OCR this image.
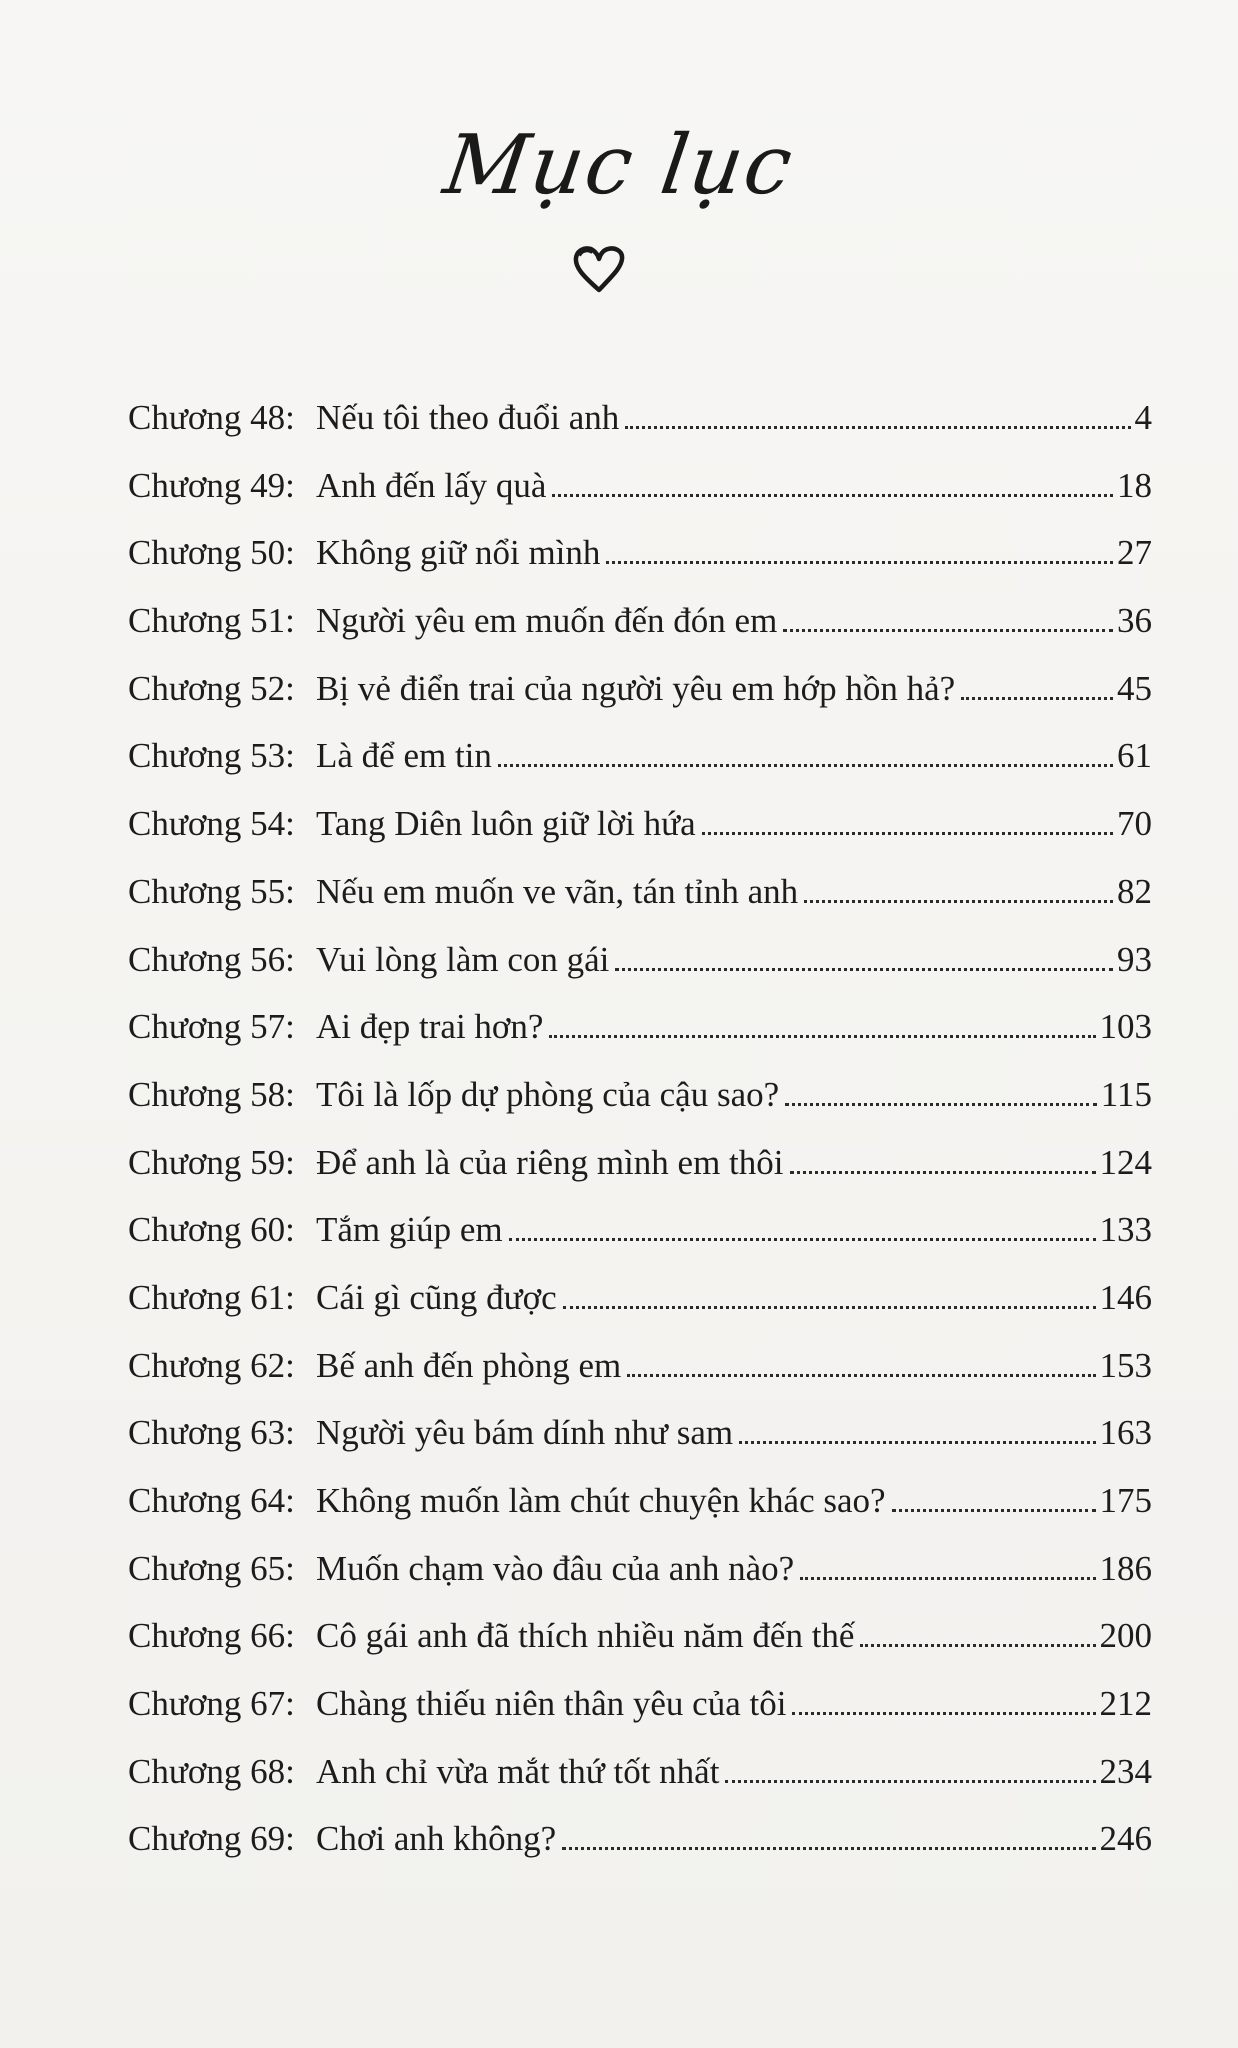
Mục lục
Chương 48: Nếu tôi theo đuổi anh	4
Chương 49: Anh đến lấy quà	18
Chương 50: Không giữ nổi mình	27
Chương 51: Người yêu em muốn đến đón em	36
Chương 52: Bị vẻ điển trai của người yêu em hớp hồn hả?	45
Chương 53: Là để em tin	61
Chương 54: Tang Diên luôn giữ lời hứa	70
Chương 55: Nếu em muốn ve vãn, tán tỉnh anh	82
Chương 56: Vui lòng làm con gái	93
Chương 57: Ai đẹp trai hơn?	103
Chương 58: Tôi là lốp dự phòng của cậu sao?	115
Chương 59: Để anh là của riêng mình em thôi	124
Chương 60: Tắm giúp em	133
Chương 61: Cái gì cũng được	146
Chương 62: Bế anh đến phòng em	153
Chương 63: Người yêu bám dính như sam	163
Chương 64: Không muốn làm chút chuyện khác sao?	175
Chương 65: Muốn chạm vào đâu của anh nào?	186
Chương 66: Cô gái anh đã thích nhiều năm đến thế	200
Chương 67: Chàng thiếu niên thân yêu của tôi	212
Chương 68: Anh chỉ vừa mắt thứ tốt nhất	234
Chương 69: Chơi anh không?	246
